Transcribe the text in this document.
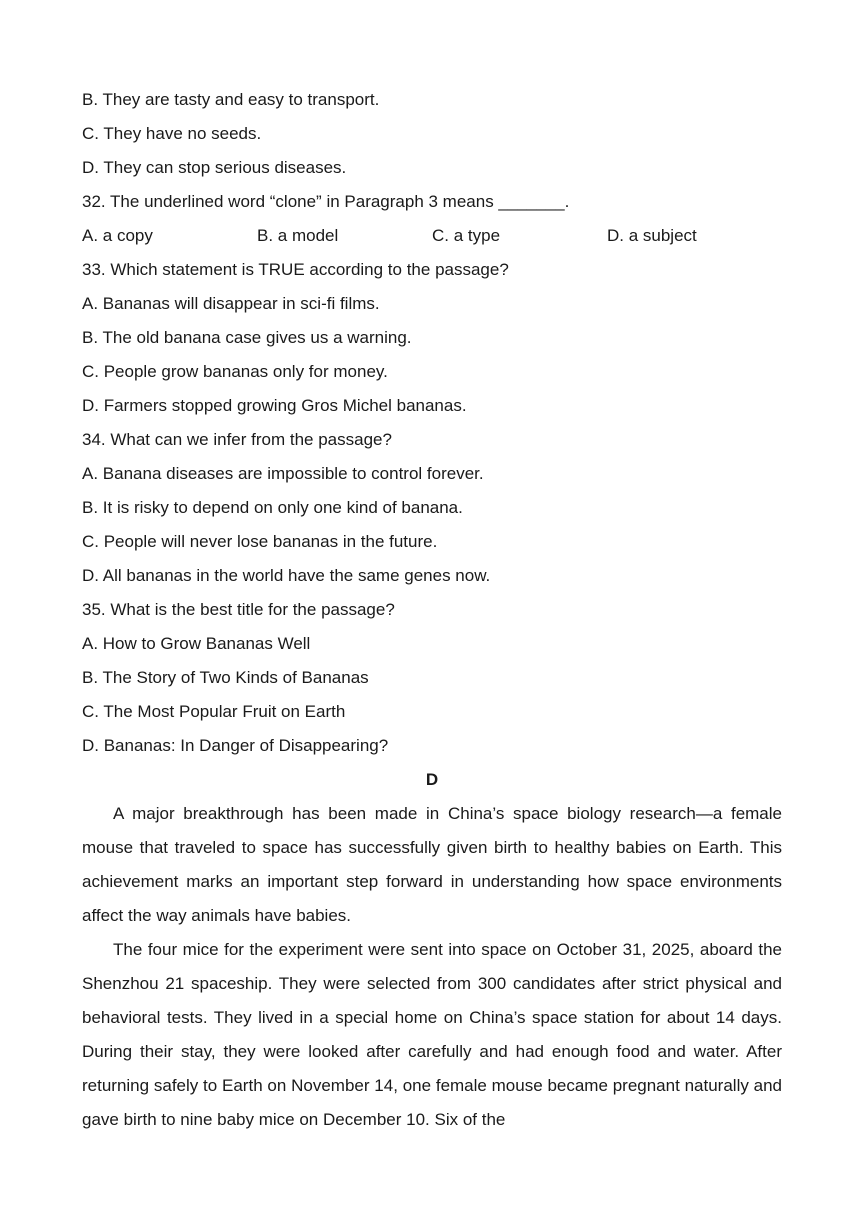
B. They are tasty and easy to transport.
C. They have no seeds.
D. They can stop serious diseases.
32. The underlined word “clone” in Paragraph 3 means _______.
A. a copy	B. a model	C. a type	D. a subject
33. Which statement is TRUE according to the passage?
A. Bananas will disappear in sci-fi films.
B. The old banana case gives us a warning.
C. People grow bananas only for money.
D. Farmers stopped growing Gros Michel bananas.
34. What can we infer from the passage?
A. Banana diseases are impossible to control forever.
B. It is risky to depend on only one kind of banana.
C. People will never lose bananas in the future.
D. All bananas in the world have the same genes now.
35. What is the best title for the passage?
A. How to Grow Bananas Well
B. The Story of Two Kinds of Bananas
C. The Most Popular Fruit on Earth
D. Bananas: In Danger of Disappearing?
D

A major breakthrough has been made in China’s space biology research—a female mouse that traveled to space has successfully given birth to healthy babies on Earth. This achievement marks an important step forward in understanding how space environments affect the way animals have babies.

The four mice for the experiment were sent into space on October 31, 2025, aboard the Shenzhou 21 spaceship. They were selected from 300 candidates after strict physical and behavioral tests. They lived in a special home on China’s space station for about 14 days. During their stay, they were looked after carefully and had enough food and water. After returning safely to Earth on November 14, one female mouse became pregnant naturally and gave birth to nine baby mice on December 10. Six of the
